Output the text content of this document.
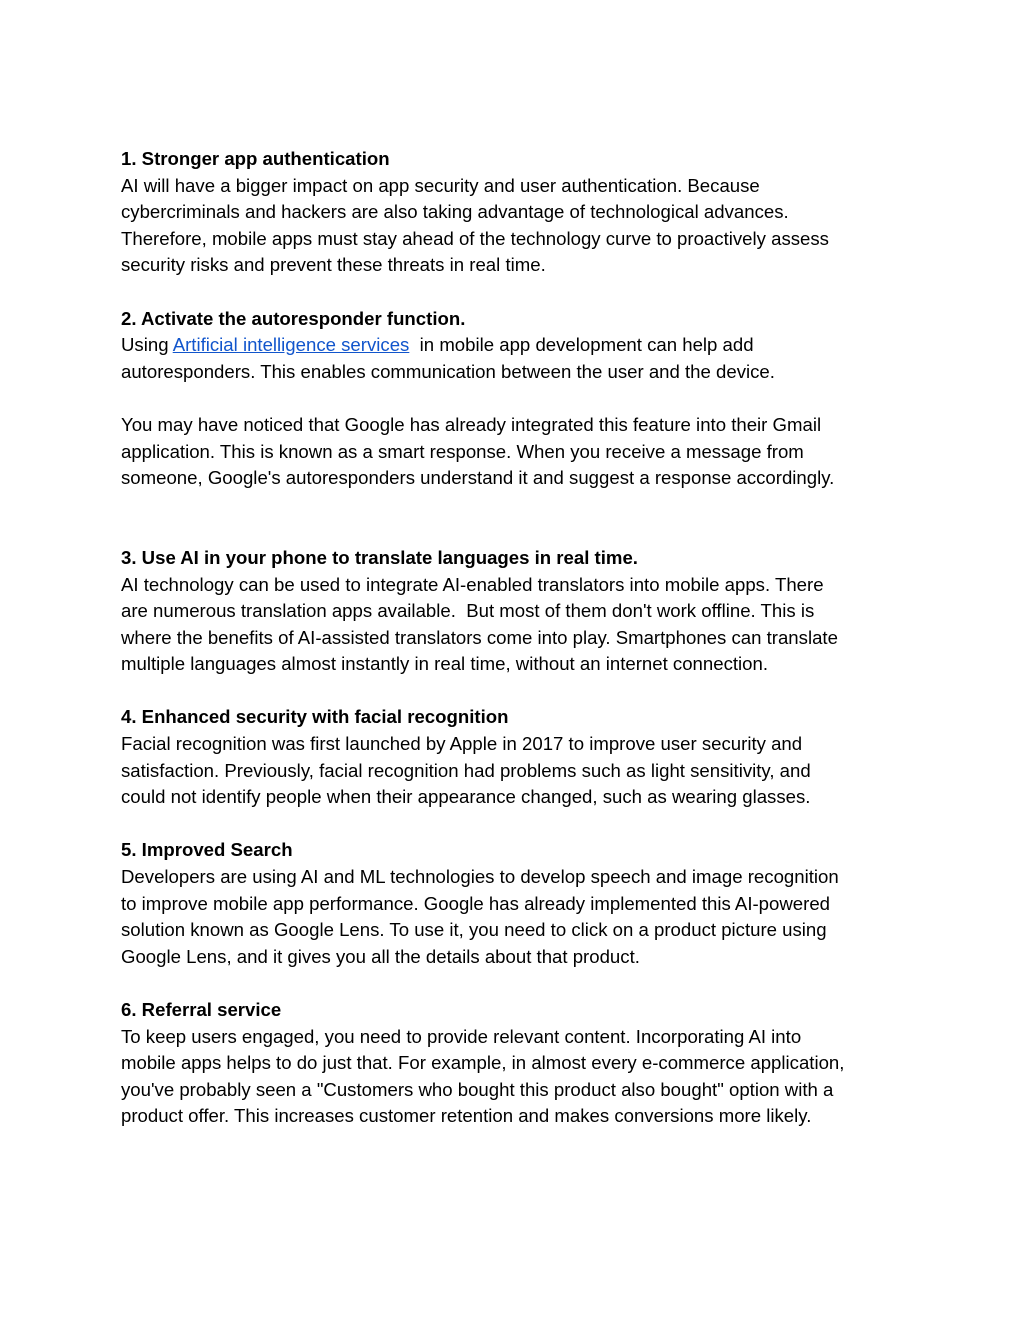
1. Stronger app authentication
AI will have a bigger impact on app security and user authentication. Because
cybercriminals and hackers are also taking advantage of technological advances.
Therefore, mobile apps must stay ahead of the technology curve to proactively assess
security risks and prevent these threats in real time.
2. Activate the autoresponder function.
Using Artificial intelligence services  in mobile app development can help add
autoresponders. This enables communication between the user and the device.
You may have noticed that Google has already integrated this feature into their Gmail
application. This is known as a smart response. When you receive a message from
someone, Google's autoresponders understand it and suggest a response accordingly.
3. Use AI in your phone to translate languages in real time.
AI technology can be used to integrate AI-enabled translators into mobile apps. There
are numerous translation apps available.  But most of them don't work offline. This is
where the benefits of AI-assisted translators come into play. Smartphones can translate
multiple languages almost instantly in real time, without an internet connection.
4. Enhanced security with facial recognition
Facial recognition was first launched by Apple in 2017 to improve user security and
satisfaction. Previously, facial recognition had problems such as light sensitivity, and
could not identify people when their appearance changed, such as wearing glasses.
5. Improved Search
Developers are using AI and ML technologies to develop speech and image recognition
to improve mobile app performance. Google has already implemented this AI-powered
solution known as Google Lens. To use it, you need to click on a product picture using
Google Lens, and it gives you all the details about that product.
6. Referral service
To keep users engaged, you need to provide relevant content. Incorporating AI into
mobile apps helps to do just that. For example, in almost every e-commerce application,
you've probably seen a "Customers who bought this product also bought" option with a
product offer. This increases customer retention and makes conversions more likely.
